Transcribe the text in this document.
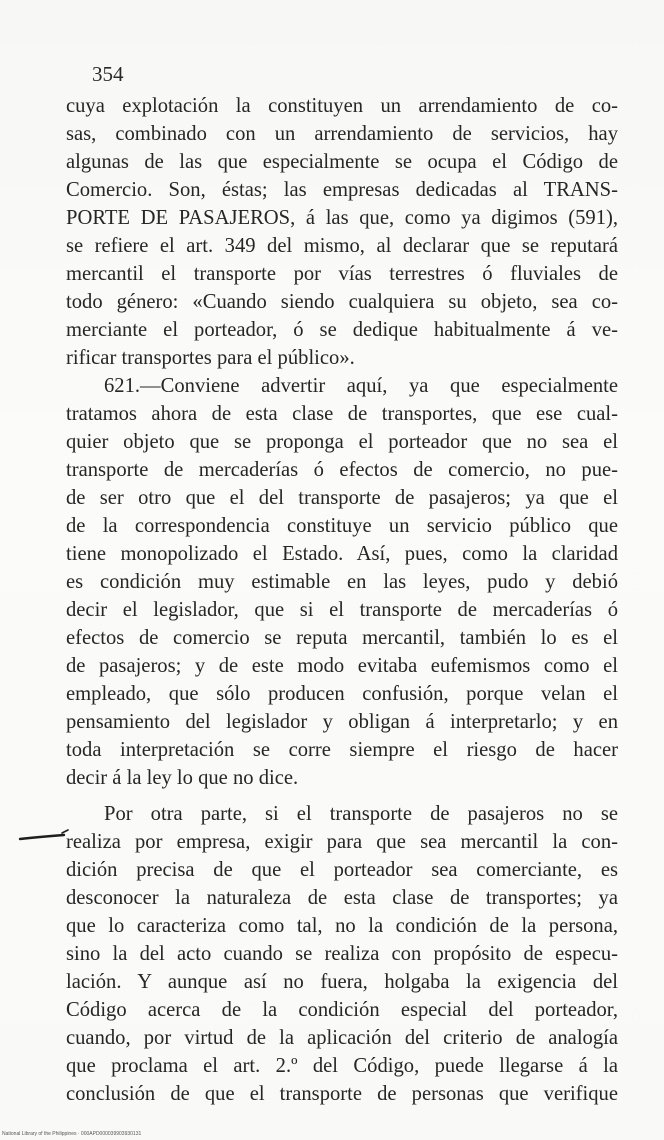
354
cuya explotación la constituyen un arrendamiento de co-
sas, combinado con un arrendamiento de servicios, hay
algunas de las que especialmente se ocupa el Código de
Comercio. Son, éstas; las empresas dedicadas al TRANS-
PORTE DE PASAJEROS, á las que, como ya digimos (591),
se refiere el art. 349 del mismo, al declarar que se reputará
mercantil el transporte por vías terrestres ó fluviales de
todo género: «Cuando siendo cualquiera su objeto, sea co-
merciante el porteador, ó se dedique habitualmente á ve-
rificar transportes para el público».
621.—Conviene advertir aquí, ya que especialmente
tratamos ahora de esta clase de transportes, que ese cual-
quier objeto que se proponga el porteador que no sea el
transporte de mercaderías ó efectos de comercio, no pue-
de ser otro que el del transporte de pasajeros; ya que el
de la correspondencia constituye un servicio público que
tiene monopolizado el Estado. Así, pues, como la claridad
es condición muy estimable en las leyes, pudo y debió
decir el legislador, que si el transporte de mercaderías ó
efectos de comercio se reputa mercantil, también lo es el
de pasajeros; y de este modo evitaba eufemismos como el
empleado, que sólo producen confusión, porque velan el
pensamiento del legislador y obligan á interpretarlo; y en
toda interpretación se corre siempre el riesgo de hacer
decir á la ley lo que no dice.
Por otra parte, si el transporte de pasajeros no se
realiza por empresa, exigir para que sea mercantil la con-
dición precisa de que el porteador sea comerciante, es
desconocer la naturaleza de esta clase de transportes; ya
que lo caracteriza como tal, no la condición de la persona,
sino la del acto cuando se realiza con propósito de especu-
lación. Y aunque así no fuera, holgaba la exigencia del
Código acerca de la condición especial del porteador,
cuando, por virtud de la aplicación del criterio de analogía
que proclama el art. 2.º del Código, puede llegarse á la
conclusión de que el transporte de personas que verifique
National Library of the Philippines · 000APD000039903930131
